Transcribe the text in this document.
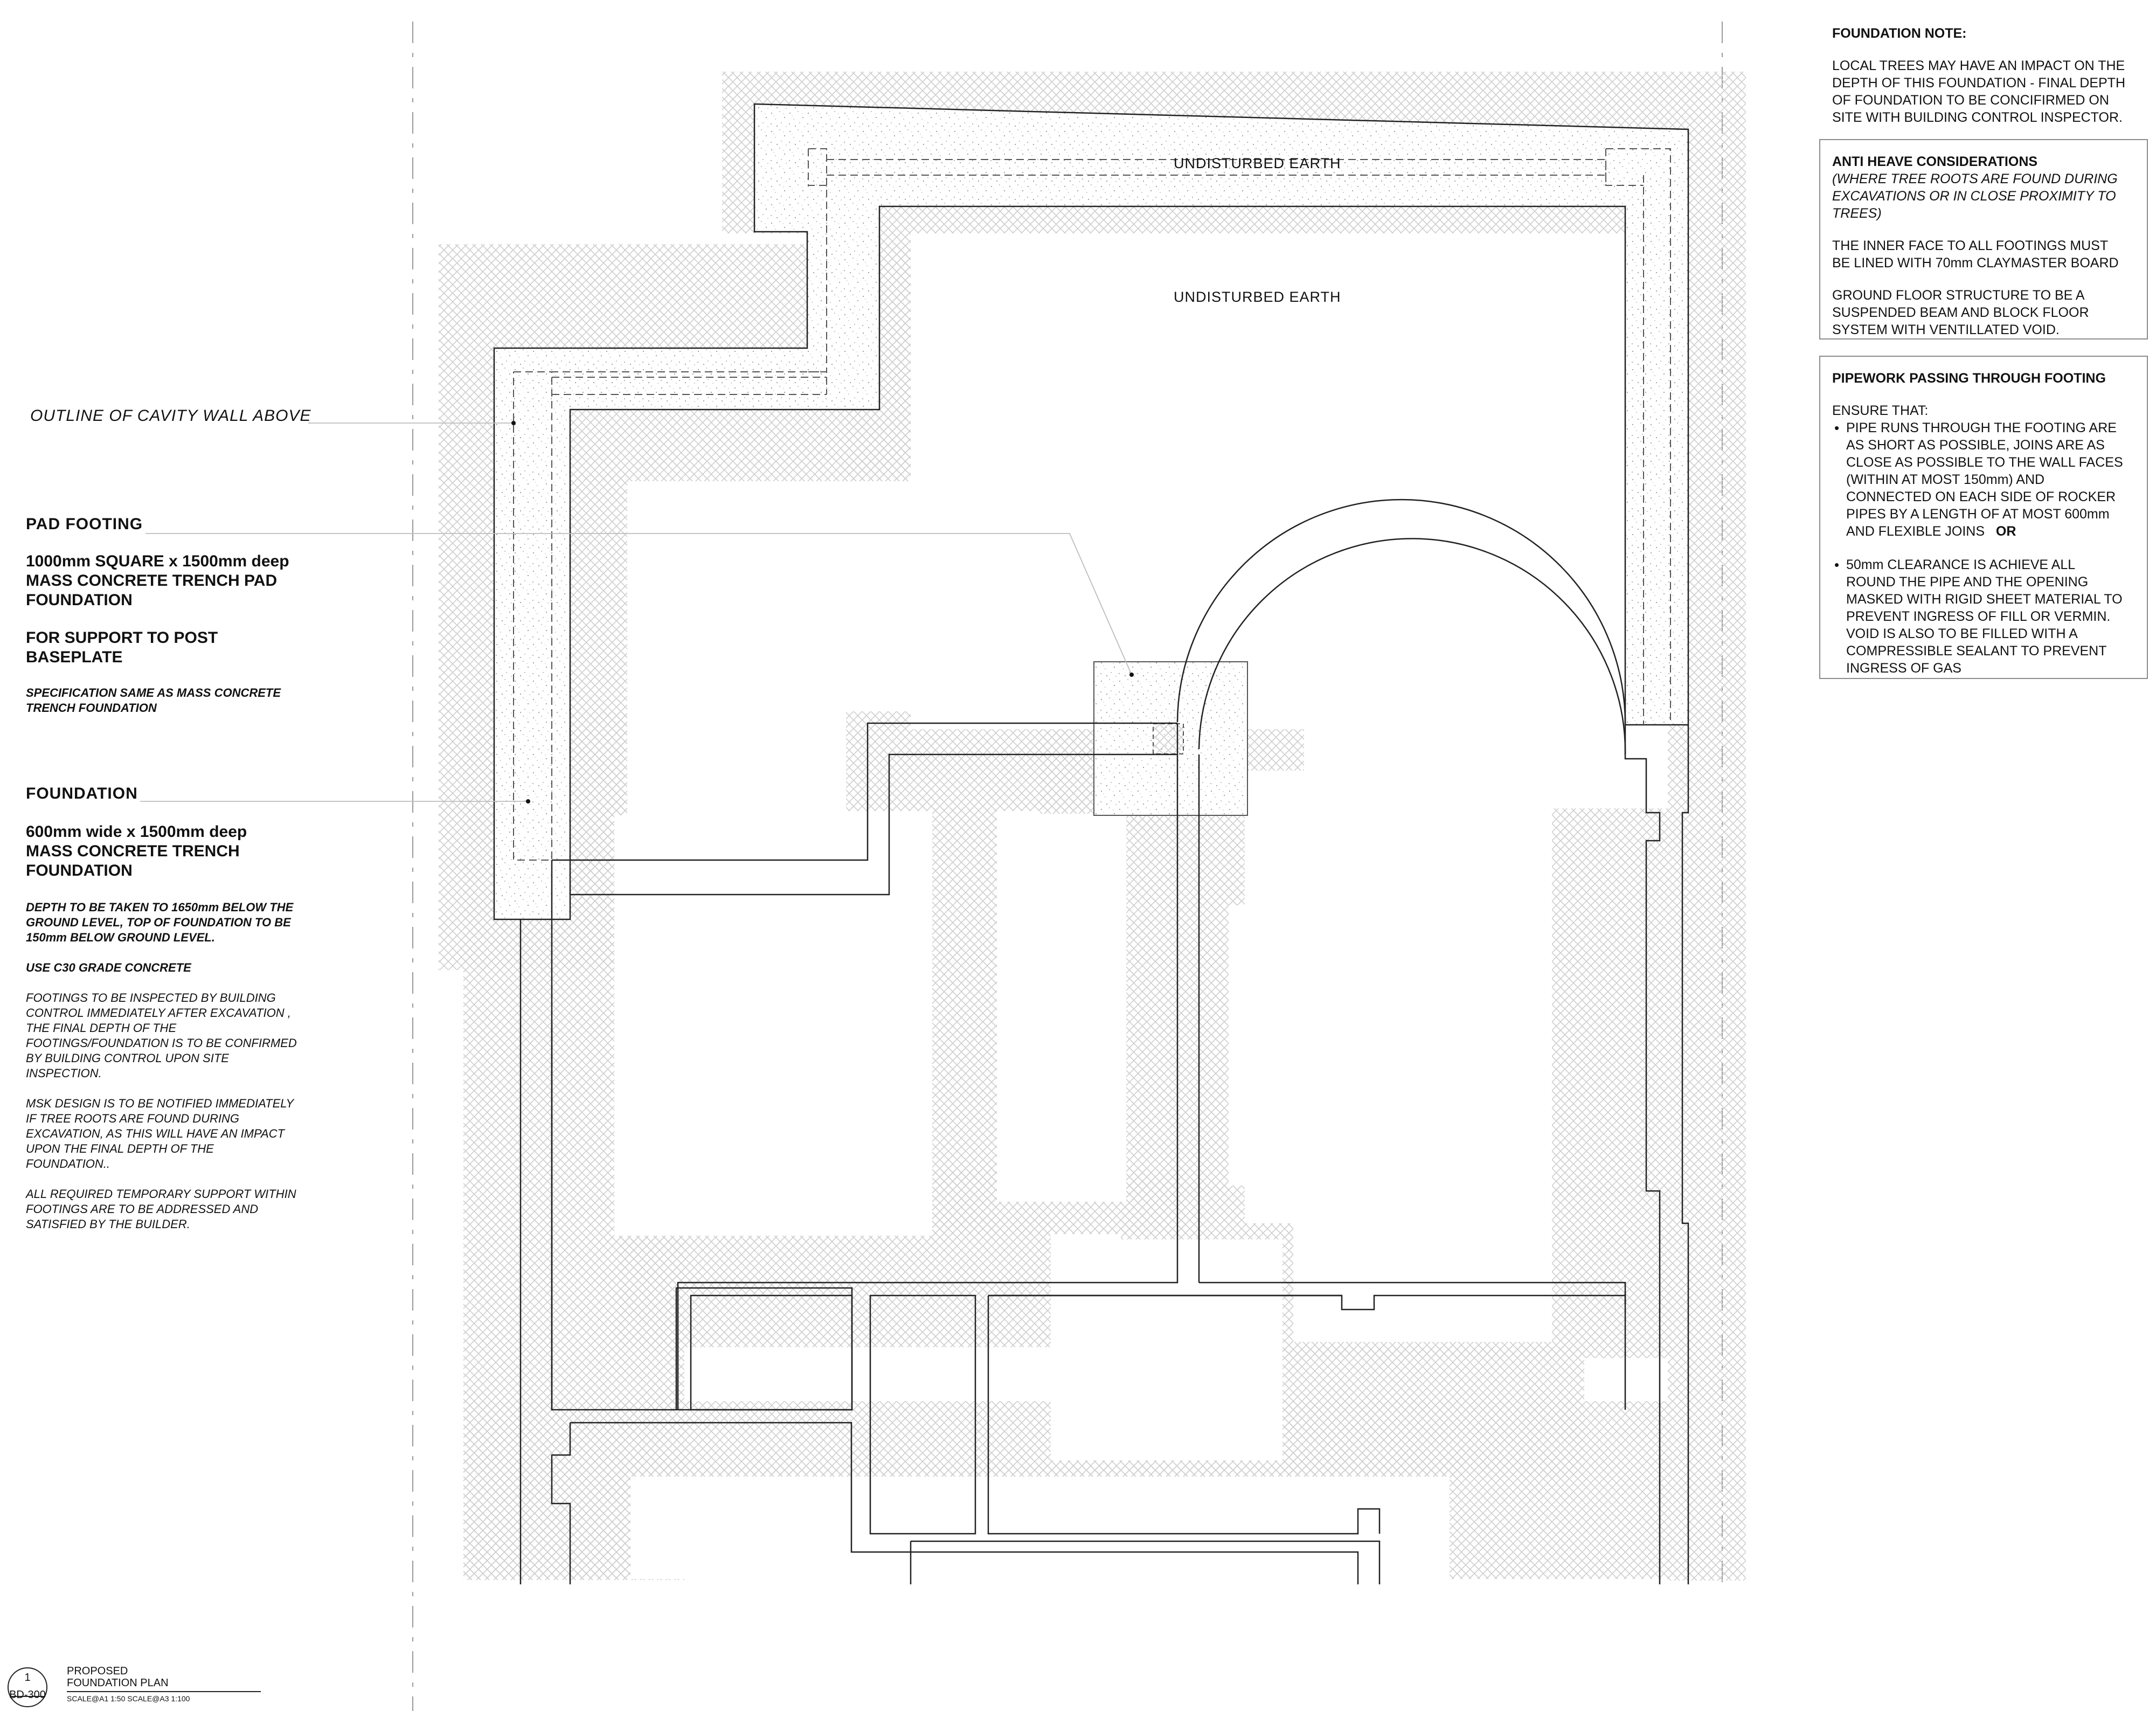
OUTLINE OF CAVITY WALL ABOVE

PAD FOOTING

1000mm SQUARE x 1500mm deep
MASS CONCRETE TRENCH PAD
FOUNDATION

FOR SUPPORT TO POST
BASEPLATE

SPECIFICATION SAME AS MASS CONCRETE
TRENCH FOUNDATION

FOUNDATION

600mm wide x 1500mm deep
MASS CONCRETE TRENCH
FOUNDATION

DEPTH TO BE TAKEN TO 1650mm BELOW THE
GROUND LEVEL, TOP OF FOUNDATION TO BE
150mm BELOW GROUND LEVEL.

USE C30 GRADE CONCRETE

FOOTINGS TO BE INSPECTED BY BUILDING
CONTROL IMMEDIATELY AFTER EXCAVATION ,
THE FINAL DEPTH OF THE
FOOTINGS/FOUNDATION IS TO BE CONFIRMED
BY BUILDING CONTROL UPON SITE
INSPECTION.

MSK DESIGN IS TO BE NOTIFIED IMMEDIATELY
IF TREE ROOTS ARE FOUND DURING
EXCAVATION, AS THIS WILL HAVE AN IMPACT
UPON THE FINAL DEPTH OF THE
FOUNDATION..

ALL REQUIRED TEMPORARY SUPPORT WITHIN
FOOTINGS ARE TO BE ADDRESSED AND
SATISFIED BY THE BUILDER.

UNDISTURBED EARTH
UNDISTURBED EARTH
FOUNDATION NOTE:

LOCAL TREES MAY HAVE AN IMPACT ON THE
DEPTH OF THIS FOUNDATION - FINAL DEPTH
OF FOUNDATION TO BE CONCIFIRMED ON
SITE WITH BUILDING CONTROL INSPECTOR.

ANTI HEAVE CONSIDERATIONS

(WHERE TREE ROOTS ARE FOUND DURING
EXCAVATIONS OR IN CLOSE PROXIMITY TO
TREES)

THE INNER FACE TO ALL FOOTINGS MUST
BE LINED WITH 70mm CLAYMASTER BOARD

GROUND FLOOR STRUCTURE TO BE A
SUSPENDED BEAM AND BLOCK FLOOR
SYSTEM WITH VENTILLATED VOID.

PIPEWORK PASSING THROUGH FOOTING

ENSURE THAT:

• PIPE RUNS THROUGH THE FOOTING ARE
AS SHORT AS POSSIBLE, JOINS ARE AS
CLOSE AS POSSIBLE TO THE WALL FACES
(WITHIN AT MOST 150mm) AND
CONNECTED ON EACH SIDE OF ROCKER
PIPES BY A LENGTH OF AT MOST 600mm
AND FLEXIBLE JOINS OR
• 50mm CLEARANCE IS ACHIEVE ALL
ROUND THE PIPE AND THE OPENING
MASKED WITH RIGID SHEET MATERIAL TO
PREVENT INGRESS OF FILL OR VERMIN.
VOID IS ALSO TO BE FILLED WITH A
COMPRESSIBLE SEALANT TO PREVENT
INGRESS OF GAS
1
BD-300
PROPOSED
FOUNDATION PLAN
SCALE@A1 1:50 SCALE@A3 1:100
